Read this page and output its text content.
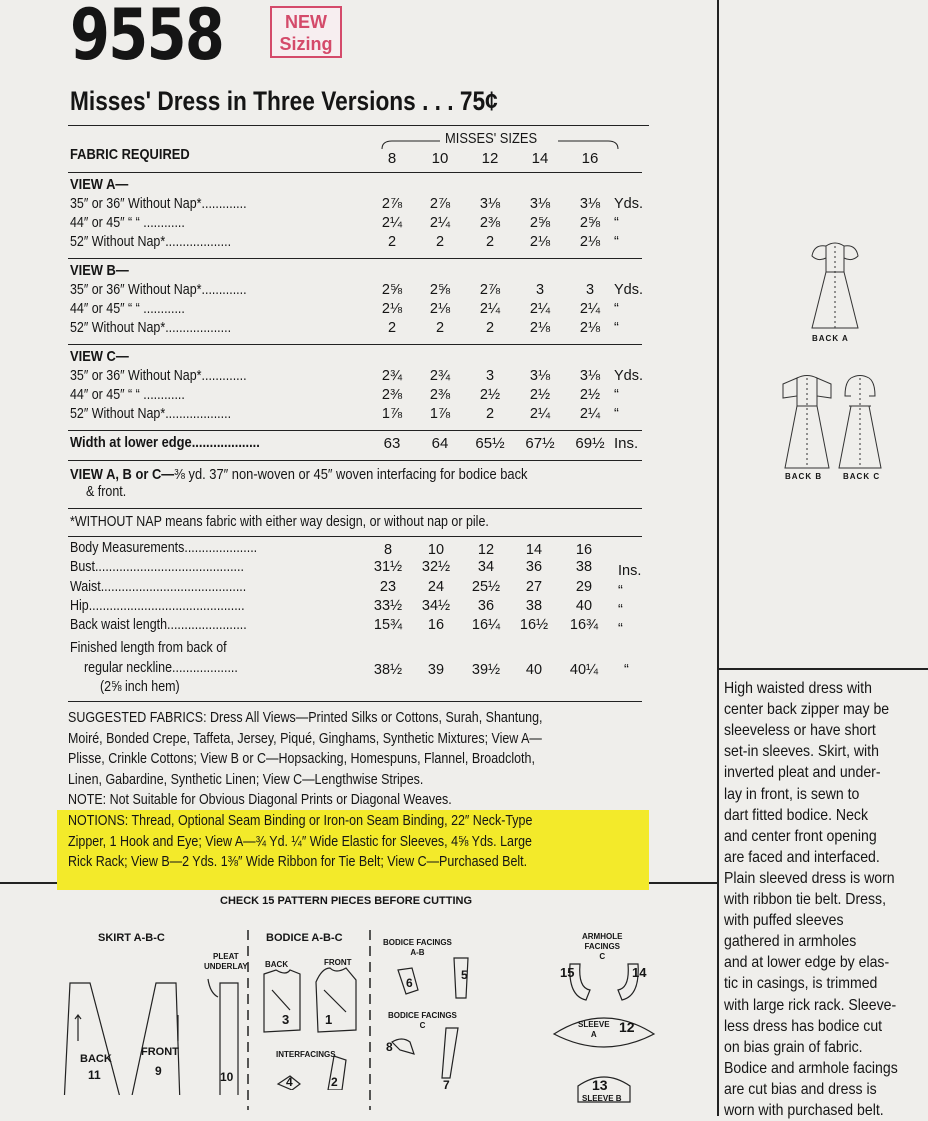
9558	NEW
Sizing
Misses' Dress in Three Versions . . . 75¢
MISSES' SIZES
FABRIC REQUIRED	8	10	12	14	16
VIEW A—
35″ or 36″ Without Nap*.............	2⅞	2⅞	3⅛	3⅛	3⅛ Yds.
44″ or 45″ “ “ ............	2¼	2¼	2⅜	2⅝	2⅝ “
52″ Without Nap*...................	2	2	2	2⅛	2⅛ “
VIEW B—
35″ or 36″ Without Nap*.............	2⅝	2⅝	2⅞	3	3	Yds.
44″ or 45″ “ “ ............	2⅛	2⅛	2¼	2¼	2¼ “
52″ Without Nap*...................	2	2	2	2⅛	2⅛ “
VIEW C—
35″ or 36″ Without Nap*.............	2¾	2¾	3	3⅛	3⅛ Yds.
44″ or 45″ “ “ ............	2⅜	2⅜	2½	2½	2½ “
52″ Without Nap*...................	1⅞	1⅞	2	2¼	2¼ “
Width at lower edge...................	63	64	65½	67½	69½ Ins.
VIEW A, B or C—⅜ yd. 37″ non-woven or 45″ woven interfacing for bodice back
& front.
*WITHOUT NAP means fabric with either way design, or without nap or pile.
Body Measurements.....................	8	10	12	14	16
Bust...........................................	31½	32½	34	36	38	Ins.
Waist..........................................	23	24	25½	27	29	“
Hip.............................................	33½	34½	36	38	40	“
Back waist length.......................	15¾	16	16¼	16½	16¾	“
Finished length from back of
regular neckline...................
(2⅝ inch hem)
38½	39	39½	40	40¼	“
SUGGESTED FABRICS: Dress All Views—Printed Silks or Cottons, Surah, Shantung,
Moiré, Bonded Crepe, Taffeta, Jersey, Piqué, Ginghams, Synthetic Mixtures; View A—
Plisse, Crinkle Cottons; View B or C—Hopsacking, Homespuns, Flannel, Broadcloth,
Linen, Gabardine, Synthetic Linen; View C—Lengthwise Stripes.
NOTE: Not Suitable for Obvious Diagonal Prints or Diagonal Weaves.
NOTIONS: Thread, Optional Seam Binding or Iron-on Seam Binding, 22″ Neck-Type
Zipper, 1 Hook and Eye; View A—¾ Yd. ¼″ Wide Elastic for Sleeves, 4⅝ Yds. Large
Rick Rack; View B—2 Yds. 1⅜″ Wide Ribbon for Tie Belt; View C—Purchased Belt.
BACK A
BACK B	BACK C
High waisted dress with
center back zipper may be
sleeveless or have short
set-in sleeves. Skirt, with
inverted pleat and under-
lay in front, is sewn to
dart fitted bodice. Neck
and center front opening
are faced and interfaced.
Plain sleeved dress is worn
with ribbon tie belt. Dress,
with puffed sleeves
gathered in armholes
and at lower edge by elas-
tic in casings, is trimmed
with large rick rack. Sleeve-
less dress has bodice cut
on bias grain of fabric.
Bodice and armhole facings
are cut bias and dress is
worn with purchased belt.
CHECK 15 PATTERN PIECES BEFORE CUTTING
SKIRT A-B-C
PLEAT
UNDERLAY
BACK
11
FRONT
9	10
BODICE A-B-C
BACK	FRONT
3	1
INTERFACINGS
4	2
BODICE FACINGS
A-B
BODICE FACINGS
C
6
5
8
7
ARMHOLE
FACINGS
C
15	14
SLEEVE
A	12
13
SLEEVE B
